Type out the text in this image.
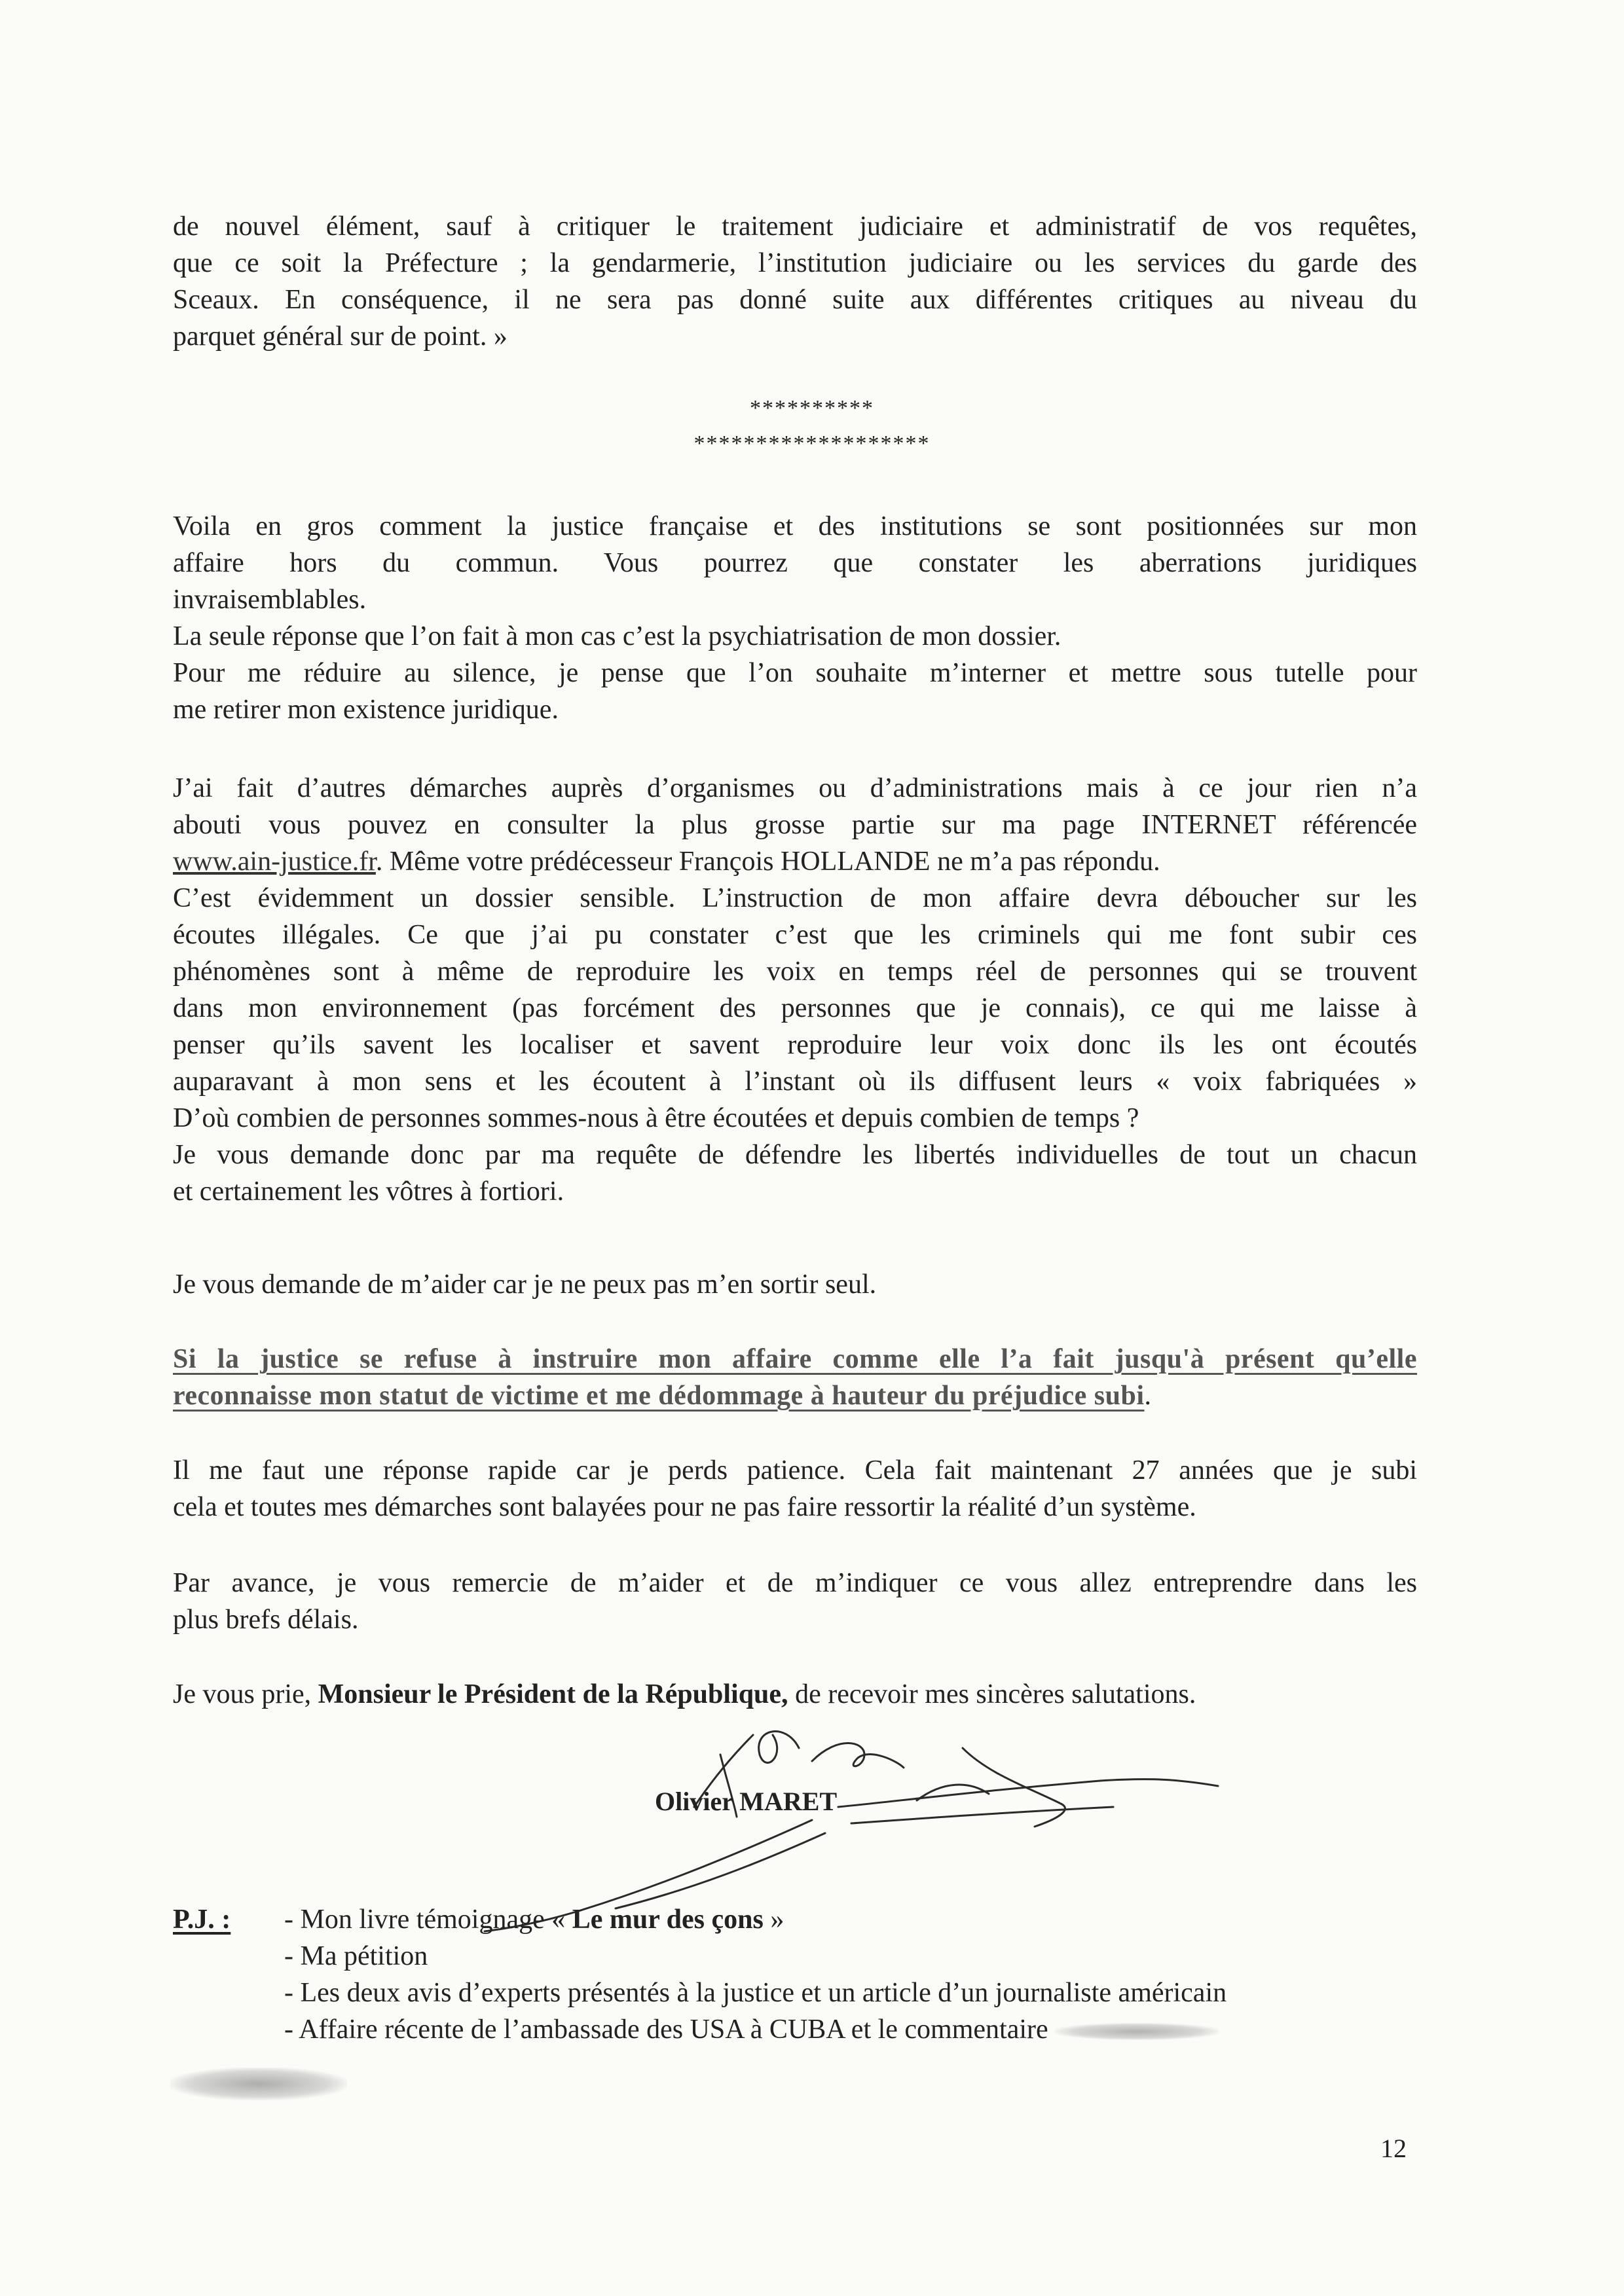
de nouvel élément, sauf à critiquer le traitement judiciaire et administratif de vos requêtes,
que ce soit la Préfecture ; la gendarmerie, l’institution judiciaire ou les services du garde des
Sceaux. En conséquence, il ne sera pas donné suite aux différentes critiques au niveau du
parquet général sur de point. »
**********
*******************
Voila en gros comment la justice française et des institutions se sont positionnées sur mon
affaire hors du commun. Vous pourrez que constater les aberrations juridiques
invraisemblables.
La seule réponse que l’on fait à mon cas c’est la psychiatrisation de mon dossier.
Pour me réduire au silence, je pense que l’on souhaite m’interner et mettre sous tutelle pour
me retirer mon existence juridique.
J’ai fait d’autres démarches auprès d’organismes ou d’administrations mais à ce jour rien n’a
abouti vous pouvez en consulter la plus grosse partie sur ma page INTERNET référencée
www.ain-justice.fr. Même votre prédécesseur François HOLLANDE ne m’a pas répondu.
C’est évidemment un dossier sensible. L’instruction de mon affaire devra déboucher sur les
écoutes illégales. Ce que j’ai pu constater c’est que les criminels qui me font subir ces
phénomènes sont à même de reproduire les voix en temps réel de personnes qui se trouvent
dans mon environnement (pas forcément des personnes que je connais), ce qui me laisse à
penser qu’ils savent les localiser et savent reproduire leur voix donc ils les ont écoutés
auparavant à mon sens et les écoutent à l’instant où ils diffusent leurs « voix fabriquées »
D’où combien de personnes sommes-nous à être écoutées et depuis combien de temps ?
Je vous demande donc par ma requête de défendre les libertés individuelles de tout un chacun
et certainement les vôtres à fortiori.
Je vous demande de m’aider car je ne peux pas m’en sortir seul.
Si la justice se refuse à instruire mon affaire comme elle l’a fait jusqu'à présent qu’elle
reconnaisse mon statut de victime et me dédommage à hauteur du préjudice subi.
Il me faut une réponse rapide car je perds patience. Cela fait maintenant 27 années que je subi
cela et toutes mes démarches sont balayées pour ne pas faire ressortir la réalité d’un système.
Par avance, je vous remercie de m’aider et de m’indiquer ce vous allez entreprendre dans les
plus brefs délais.
Je vous prie, Monsieur le Président de la République, de recevoir mes sincères salutations.
Olivier MARET
P.J. :	- Mon livre témoignage « Le mur des çons »
- Ma pétition
- Les deux avis d’experts présentés à la justice et un article d’un journaliste américain
- Affaire récente de l’ambassade des USA à CUBA et le commentaire
12
